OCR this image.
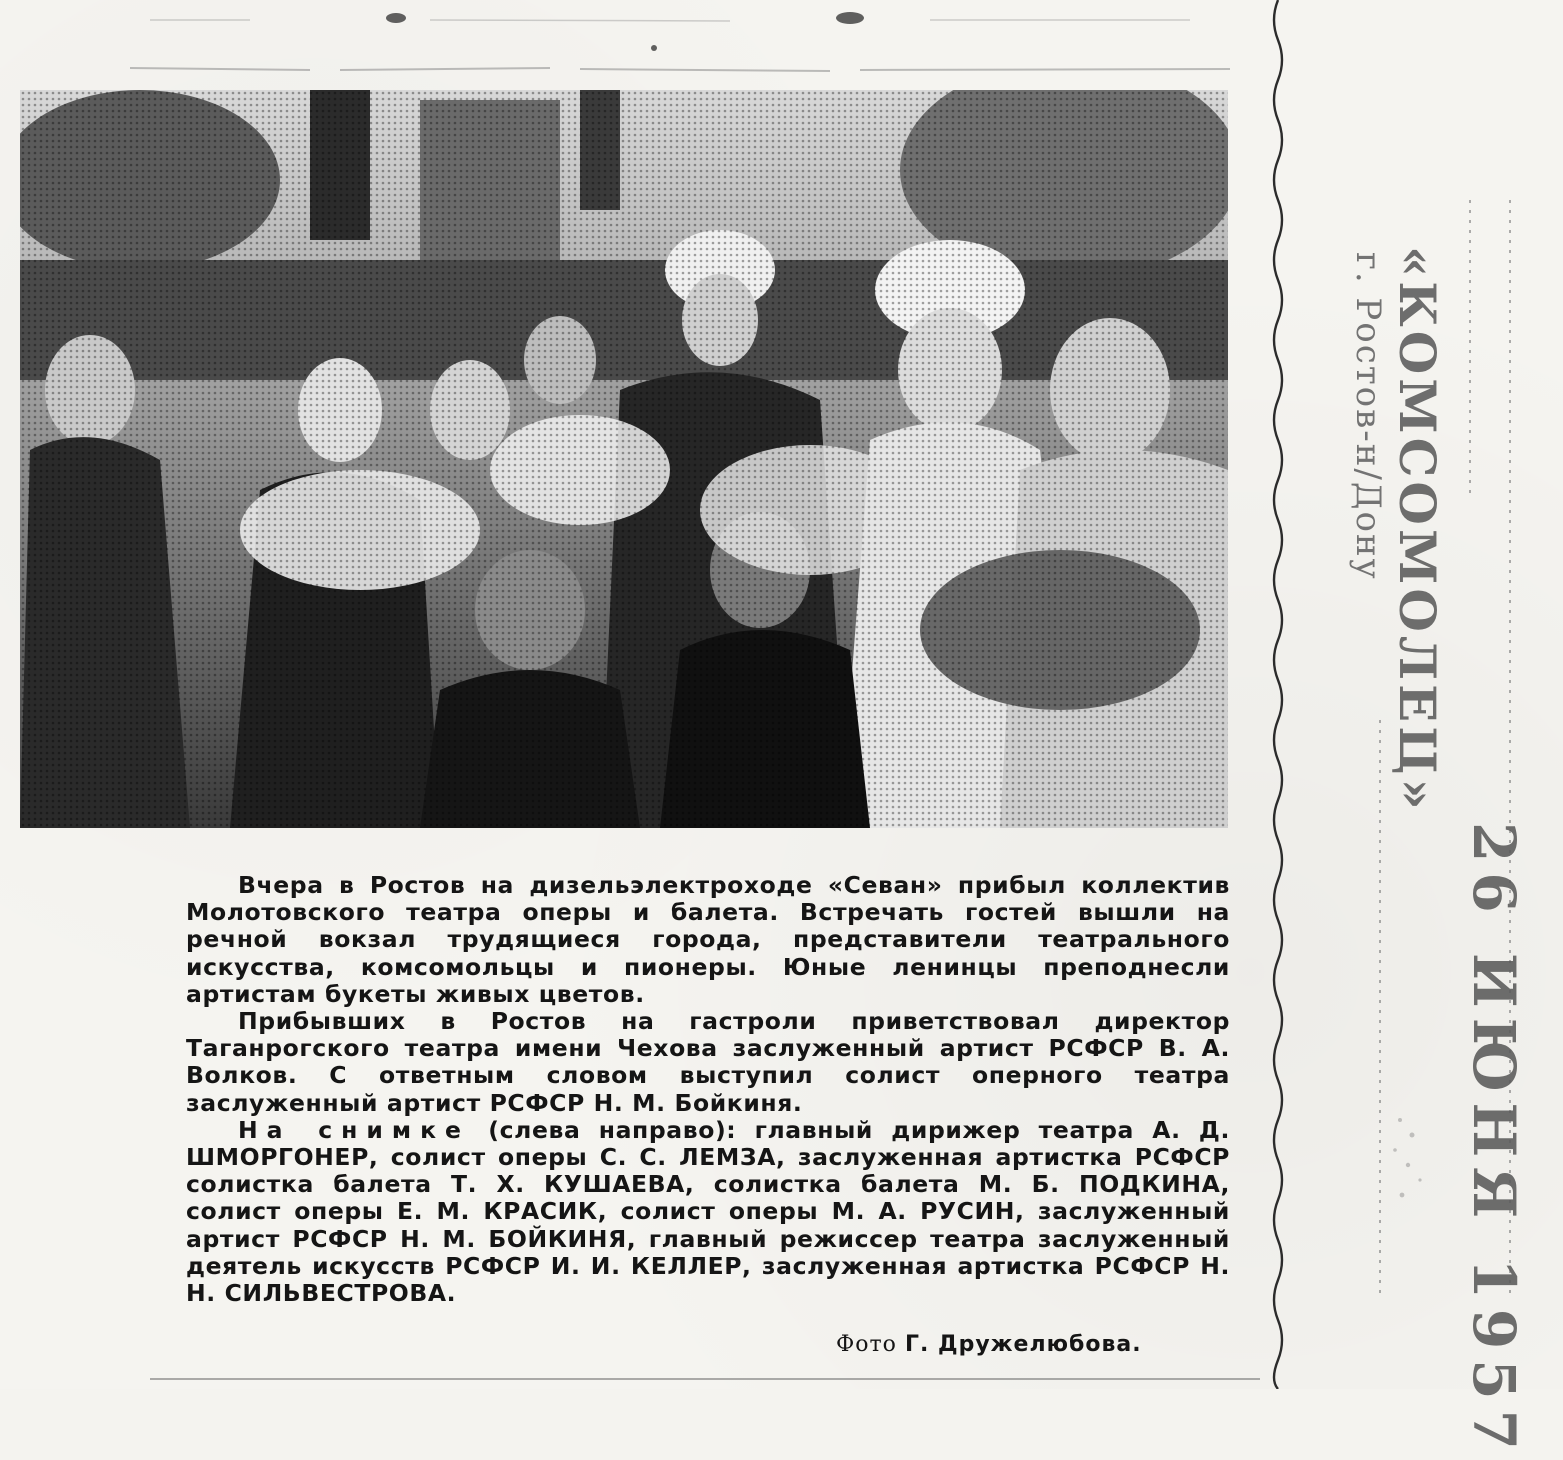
Вчера в Ростов на дизельэлектроходе «Севан» прибыл коллектив Молотовского театра оперы и балета. Встречать гостей вышли на речной вокзал трудящиеся города, представители театрального искусства, комсомольцы и пионеры. Юные ленинцы преподнесли артистам букеты живых цветов.

Прибывших в Ростов на гастроли приветствовал директор Таганрогского театра имени Чехова заслуженный артист РСФСР В. А. Волков. С ответным словом выступил солист оперного театра заслуженный артист РСФСР Н. М. Бойкиня.

На снимке (слева направо): главный дирижер театра А. Д. ШМОРГОНЕР, солист оперы С. С. ЛЕМЗА, заслуженная артистка РСФСР солистка балета Т. Х. КУШАЕВА, солистка балета М. Б. ПОДКИНА, солист оперы Е. М. КРАСИК, солист оперы М. А. РУСИН, заслуженный артист РСФСР Н. М. БОЙКИНЯ, главный режиссер театра заслуженный деятель искусств РСФСР И. И. КЕЛЛЕР, заслуженная артистка РСФСР Н. Н. СИЛЬВЕСТРОВА.

Фото Г. Дружелюбова.
«КОМСОМОЛЕЦ»
г. Ростов-н/Дону
26 ИЮНЯ 1957
